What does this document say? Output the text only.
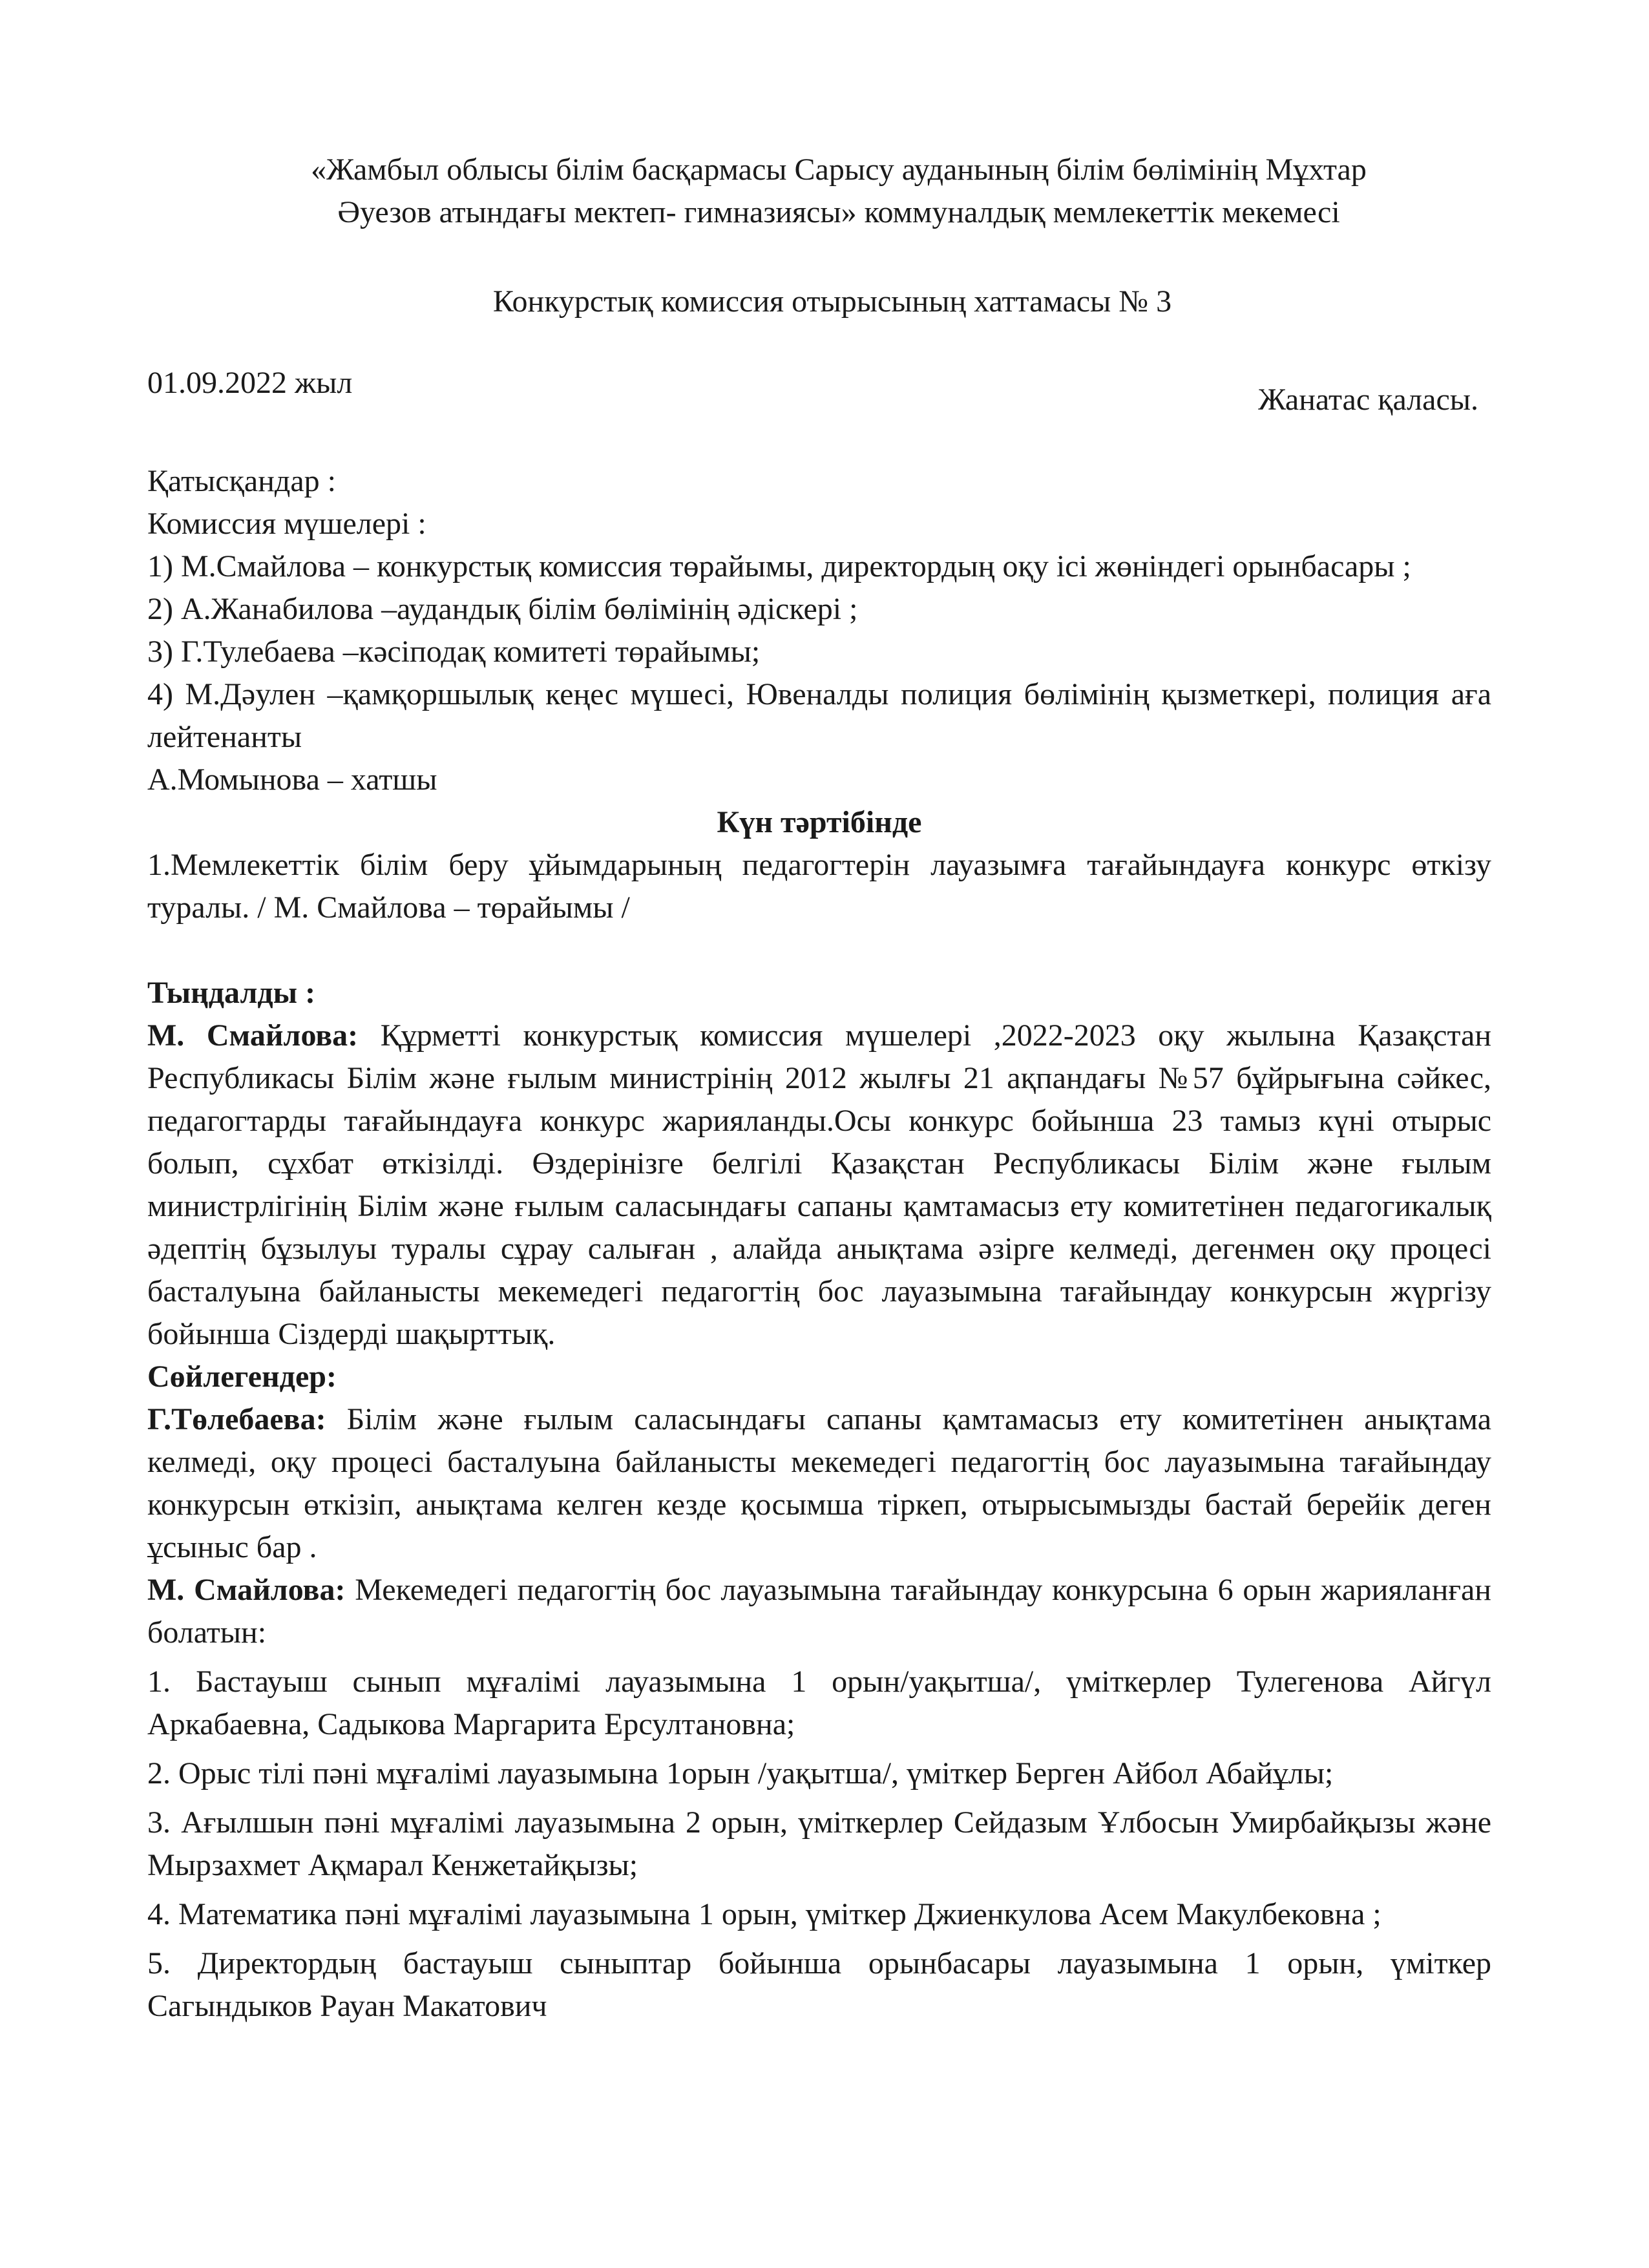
«Жамбыл облысы білім басқармасы Сарысу ауданының білім бөлімінің Мұхтар

Әуезов атындағы мектеп- гимназиясы» коммуналдық мемлекеттік мекемесі

Конкурстық комиссия отырысының хаттамасы № 3

01.09.2022 жыл	Жанатас қаласы.

Қатысқандар :

Комиссия мүшелері :

1) М.Смайлова – конкурстық комиссия төрайымы, директордың оқу ісі жөніндегі орынбасары ;

2) А.Жанабилова –аудандық білім бөлімінің әдіскері ;

3) Г.Тулебаева –кәсіподақ комитеті төрайымы;

4) М.Дәулен –қамқоршылық кеңес мүшесі, Ювеналды полиция бөлімінің қызметкері, полиция аға лейтенанты

А.Момынова – хатшы

Күн тәртібінде

1.Мемлекеттік білім беру ұйымдарының педагогтерін лауазымға тағайындауға конкурс өткізу туралы. / М. Смайлова – төрайымы /

Тыңдалды :

М. Смайлова: Құрметті конкурстық комиссия мүшелері ,2022-2023 оқу жылына Қазақстан Республикасы Білім және ғылым министрінің 2012 жылғы 21 ақпандағы №57 бұйрығына сәйкес, педагогтарды тағайындауға конкурс жарияланды.Осы конкурс бойынша 23 тамыз күні отырыс болып, сұхбат өткізілді. Өздерінізге белгілі Қазақстан Республикасы Білім және ғылым министрлігінің Білім және ғылым саласындағы сапаны қамтамасыз ету комитетінен педагогикалық әдептің бұзылуы туралы сұрау салыған , алайда анықтама әзірге келмеді, дегенмен оқу процесі басталуына байланысты мекемедегі педагогтің бос лауазымына тағайындау конкурсын жүргізу бойынша Сіздерді шақырттық.

Сөйлегендер:

Г.Төлебаева: Білім және ғылым саласындағы сапаны қамтамасыз ету комитетінен анықтама келмеді, оқу процесі басталуына байланысты мекемедегі педагогтің бос лауазымына тағайындау конкурсын өткізіп, анықтама келген кезде қосымша тіркеп, отырысымызды бастай берейік деген ұсыныс бар .

М. Смайлова: Мекемедегі педагогтің бос лауазымына тағайындау конкурсына 6 орын жарияланған болатын:

1. Бастауыш сынып мұғалімі лауазымына 1 орын/уақытша/, үміткерлер Тулегенова Айгүл Аркабаевна, Садыкова Маргарита Ерсултановна;

2. Орыс тілі пәні мұғалімі лауазымына 1орын /уақытша/, үміткер Берген Айбол Абайұлы;

3. Ағылшын пәні мұғалімі лауазымына 2 орын, үміткерлер Сейдазым Ұлбосын Умирбайқызы және Мырзахмет Ақмарал Кенжетайқызы;

4. Математика пәні мұғалімі лауазымына 1 орын, үміткер Джиенкулова Асем Макулбековна ;

5. Директордың бастауыш сыныптар бойынша орынбасары лауазымына 1 орын, үміткер Сагындыков Рауан Макатович
